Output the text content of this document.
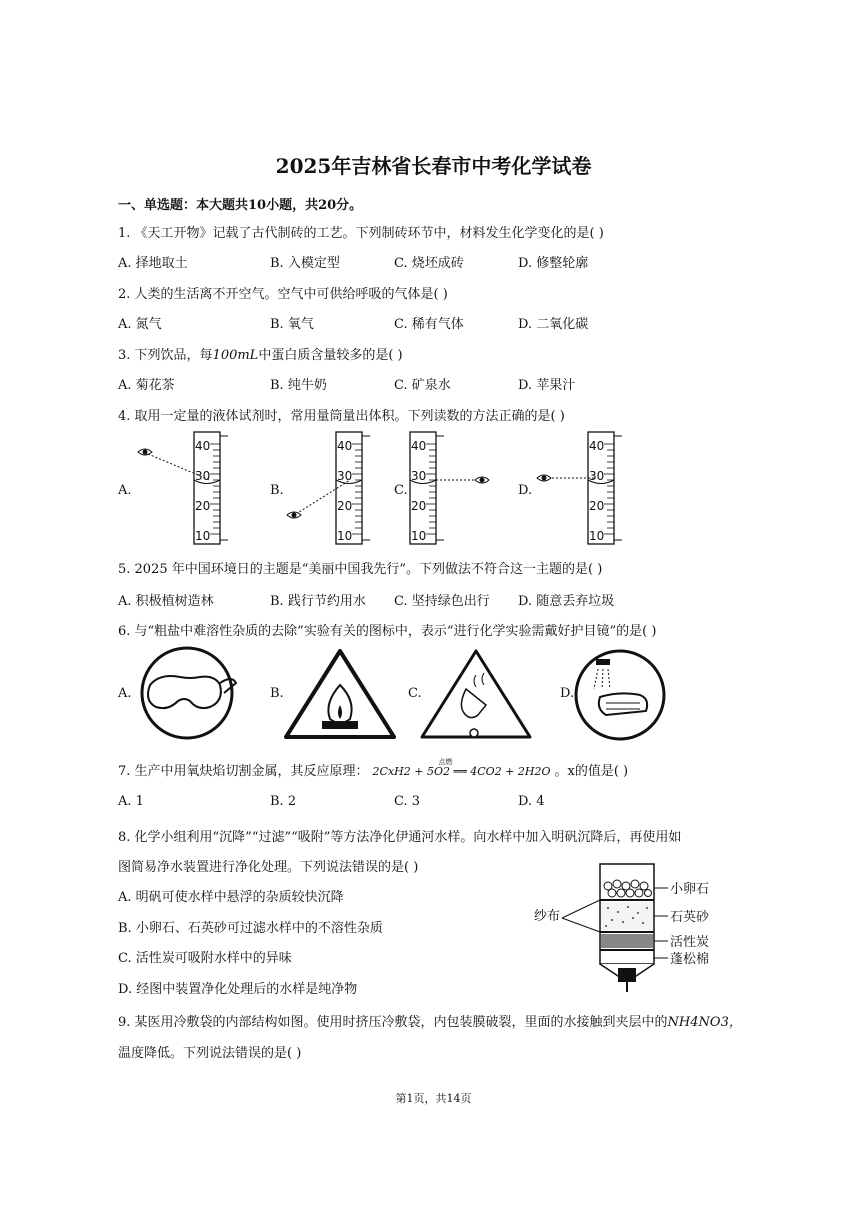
2025年吉林省长春市中考化学试卷
一、单选题：本大题共10小题，共20分。
1. 《天工开物》记载了古代制砖的工艺。下列制砖环节中，材料发生化学变化的是( )
A. 择地取土	B. 入模定型	C. 烧坯成砖	D. 修整轮廓
2. 人类的生活离不开空气。空气中可供给呼吸的气体是( )
A. 氮气	B. 氧气	C. 稀有气体	D. 二氧化碳
3. 下列饮品，每100mL中蛋白质含量较多的是( )
A. 菊花茶	B. 纯牛奶	C. 矿泉水	D. 苹果汁
4. 取用一定量的液体试剂时，常用量筒量出体积。下列读数的方法正确的是( )
A.	B.	C.	D.
40
30
20
10
40
30
20
10
40
30
20
10
40
30
20
10
5. 2025 年中国环境日的主题是“美丽中国我先行”。下列做法不符合这一主题的是( )
A. 积极植树造林	B. 践行节约用水 C. 坚持绿色出行 D. 随意丢弃垃圾
6. 与“粗盐中难溶性杂质的去除”实验有关的图标中，表示“进行化学实验需戴好护目镜”的是( )
A.	B.	C.	D.
7. 生产中用氧炔焰切割金属，其反应原理： 2CxH2 + 5O2 ══ 4CO2 + 2H2O
点燃
。x的值是( )
A. 1	B. 2	C. 3	D. 4
8. 化学小组利用“沉降”“过滤”“吸附”等方法净化伊通河水样。向水样中加入明矾沉降后，再使用如
图简易净水装置进行净化处理。下列说法错误的是( )
A. 明矾可使水样中悬浮的杂质较快沉降
B. 小卵石、石英砂可过滤水样中的不溶性杂质
C. 活性炭可吸附水样中的异味
D. 经图中装置净化处理后的水样是纯净物
小卵石
石英砂
活性炭
蓬松棉
纱布
9. 某医用冷敷袋的内部结构如图。使用时挤压冷敷袋，内包装膜破裂，里面的水接触到夹层中的NH4NO3，
温度降低。下列说法错误的是( )
第1页，共14页
